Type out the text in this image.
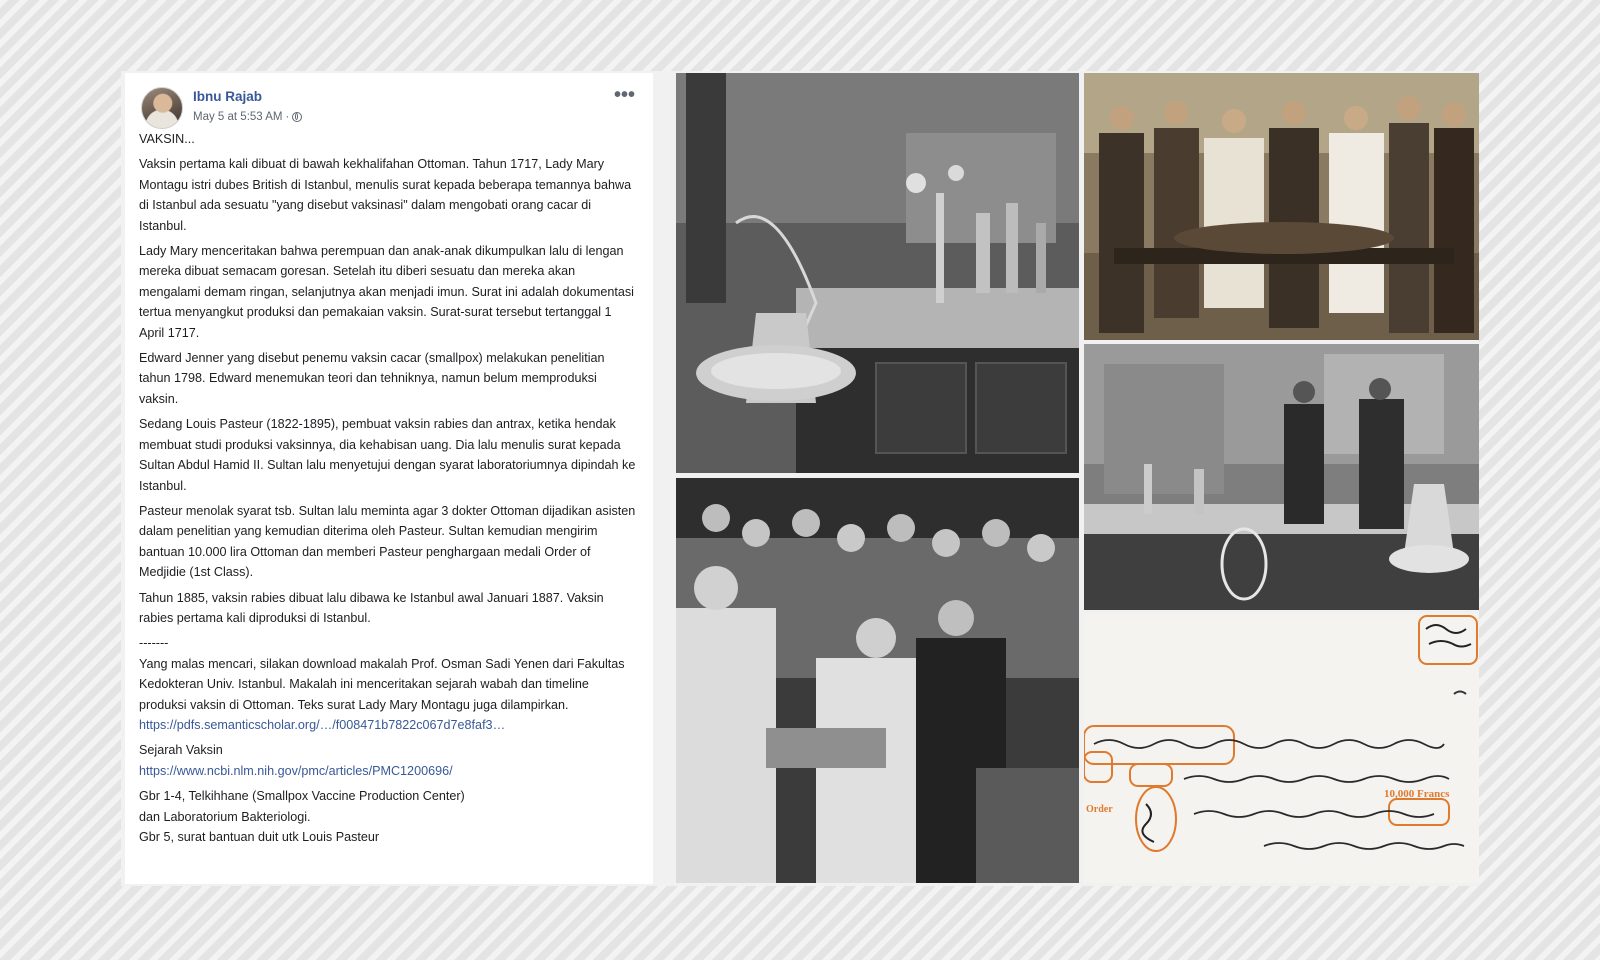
Ibnu Rajab
May 5 at 5:53 AM ·
•••

VAKSIN...

Vaksin pertama kali dibuat di bawah kekhalifahan Ottoman. Tahun 1717, Lady Mary Montagu istri dubes British di Istanbul, menulis surat kepada beberapa temannya bahwa di Istanbul ada sesuatu "yang disebut vaksinasi" dalam mengobati orang cacar di Istanbul.

Lady Mary menceritakan bahwa perempuan dan anak-anak dikumpulkan lalu di lengan mereka dibuat semacam goresan. Setelah itu diberi sesuatu dan mereka akan mengalami demam ringan, selanjutnya akan menjadi imun. Surat ini adalah dokumentasi tertua menyangkut produksi dan pemakaian vaksin. Surat-surat tersebut tertanggal 1 April 1717.

Edward Jenner yang disebut penemu vaksin cacar (smallpox) melakukan penelitian tahun 1798. Edward menemukan teori dan tehniknya, namun belum memproduksi vaksin.

Sedang Louis Pasteur (1822-1895), pembuat vaksin rabies dan antrax, ketika hendak membuat studi produksi vaksinnya, dia kehabisan uang. Dia lalu menulis surat kepada Sultan Abdul Hamid II. Sultan lalu menyetujui dengan syarat laboratoriumnya dipindah ke Istanbul.

Pasteur menolak syarat tsb. Sultan lalu meminta agar 3 dokter Ottoman dijadikan asisten dalam penelitian yang kemudian diterima oleh Pasteur. Sultan kemudian mengirim bantuan 10.000 lira Ottoman dan memberi Pasteur penghargaan medali Order of Medjidie (1st Class).

Tahun 1885, vaksin rabies dibuat lalu dibawa ke Istanbul awal Januari 1887. Vaksin rabies pertama kali diproduksi di Istanbul.

-------

Yang malas mencari, silakan download makalah Prof. Osman Sadi Yenen dari Fakultas Kedokteran Univ. Istanbul. Makalah ini menceritakan sejarah wabah dan timeline produksi vaksin di Ottoman. Teks surat Lady Mary Montagu juga dilampirkan.

https://pdfs.semanticscholar.org/…/f008471b7822c067d7e8faf3…

Sejarah Vaksin

https://www.ncbi.nlm.nih.gov/pmc/articles/PMC1200696/

Gbr 1-4, Telkihhane (Smallpox Vaccine Production Center)

dan Laboratorium Bakteriologi.

Gbr 5, surat bantuan duit utk Louis Pasteur

10,000 Francs
Order
